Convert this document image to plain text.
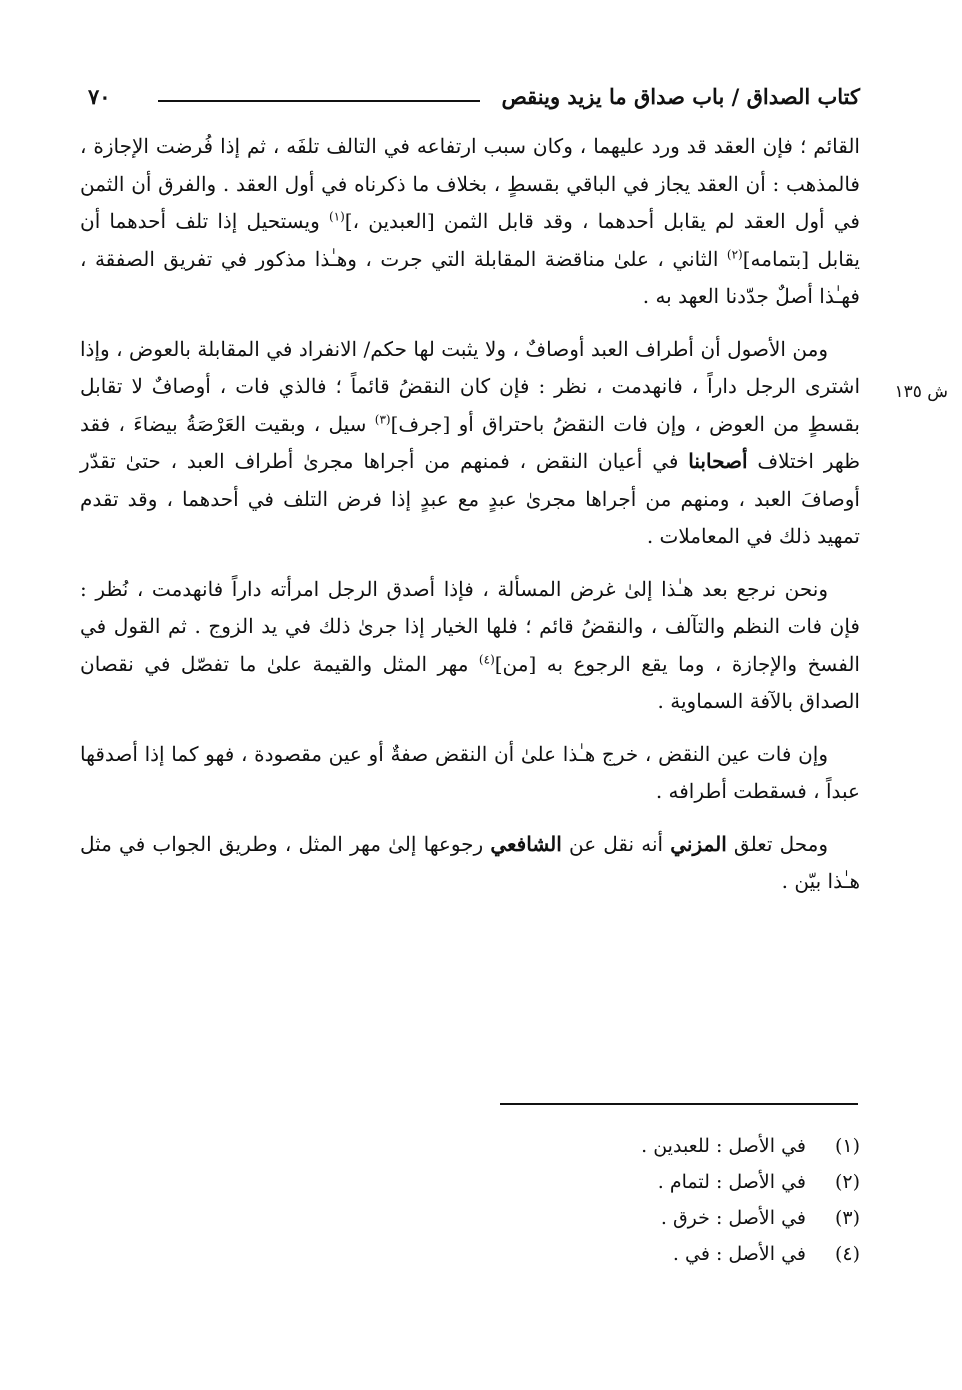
كتاب الصداق / باب صداق ما يزيد وينقص
٧٠
ش ١٣٥
القائم ؛ فإن العقد قد ورد عليهما ، وكان سبب ارتفاعه في التالف تلفَه ، ثم إذا فُرضت الإجازة ، فالمذهب : أن العقد يجاز في الباقي بقسطٍ ، بخلاف ما ذكرناه في أول العقد . والفرق أن الثمن في أول العقد لم يقابل أحدهما ، وقد قابل الثمن [العبدين ،]$^{(١)}$ ويستحيل إذا تلف أحدهما أن يقابل [بتمامه]$^{(٢)}$ الثاني ، علىٰ مناقضة المقابلة التي جرت ، وهـٰذا مذكور في تفريق الصفقة ، فهـٰذا أصلٌ جدّدنا العهد به .
ومن الأصول أن أطراف العبد أوصافٌ ، ولا يثبت لها حكم/ الانفراد في المقابلة بالعوض ، وإذا اشترى الرجل داراً ، فانهدمت ، نظر : فإن كان النقضُ قائماً ؛ فالذي فات ، أوصافٌ لا تقابل بقسطٍ من العوض ، وإن فات النقضُ باحتراق أو [جرف]$^{(٣)}$ سيل ، وبقيت العَرْصَةُ بيضاءَ ، فقد ظهر اختلاف أصحابنا في أعيان النقض ، فمنهم من أجراها مجرىٰ أطراف العبد ، حتىٰ تقدّر أوصافَ العبد ، ومنهم من أجراها مجرىٰ عبدٍ مع عبدٍ إذا فرض التلف في أحدهما ، وقد تقدم تمهيد ذلك في المعاملات .
ونحن نرجع بعد هـٰذا إلىٰ غرض المسألة ، فإذا أصدق الرجل امرأته داراً فانهدمت ، نُظر : فإن فات النظم والتآلف ، والنقضُ قائم ؛ فلها الخيار إذا جرىٰ ذلك في يد الزوج . ثم القول في الفسخ والإجازة ، وما يقع الرجوع به [من]$^{(٤)}$ مهر المثل والقيمة علىٰ ما تفصّل في نقصان الصداق بالآفة السماوية .
وإن فات عين النقض ، خرج هـٰذا علىٰ أن النقض صفةٌ أو عين مقصودة ، فهو كما إذا أصدقها عبداً ، فسقطت أطرافه .
ومحل تعلق المزني أنه نقل عن الشافعي رجوعها إلىٰ مهر المثل ، وطريق الجواب في مثل هـٰذا بيّن .
(١)
في الأصل : للعبدين .
(٢)
في الأصل : لتمام .
(٣)
في الأصل : خرق .
(٤)
في الأصل : في .
